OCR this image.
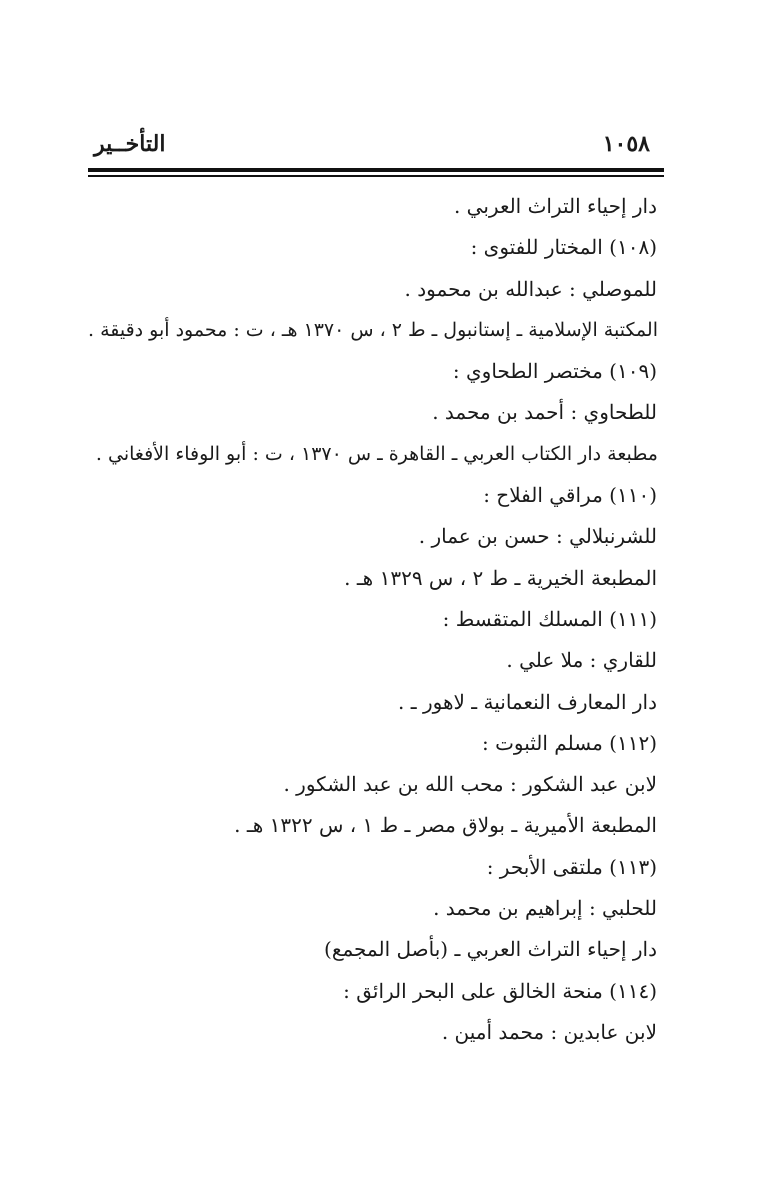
١٠٥٨
التأخــير
دار إحياء التراث العربي .
(١٠٨) المختار للفتوى :
للموصلي : عبدالله بن محمود .
المكتبة الإسلامية ـ إستانبول ـ ط ٢ ، س ١٣٧٠ هـ ، ت : محمود أبو دقيقة .
(١٠٩) مختصر الطحاوي :
للطحاوي : أحمد بن محمد .
مطبعة دار الكتاب العربي ـ القاهرة ـ س ١٣٧٠ ، ت : أبو الوفاء الأفغاني .
(١١٠) مراقي الفلاح :
للشرنبلالي : حسن بن عمار .
المطبعة الخيرية ـ ط ٢ ، س ١٣٢٩ هـ .
(١١١) المسلك المتقسط :
للقاري : ملا علي .
دار المعارف النعمانية ـ لاهور ـ .
(١١٢) مسلم الثبوت :
لابن عبد الشكور : محب الله بن عبد الشكور .
المطبعة الأميرية ـ بولاق مصر ـ ط ١ ، س ١٣٢٢ هـ .
(١١٣) ملتقى الأبحر :
للحلبي : إبراهيم بن محمد .
دار إحياء التراث العربي ـ (بأصل المجمع)
(١١٤) منحة الخالق على البحر الرائق :
لابن عابدين : محمد أمين .
